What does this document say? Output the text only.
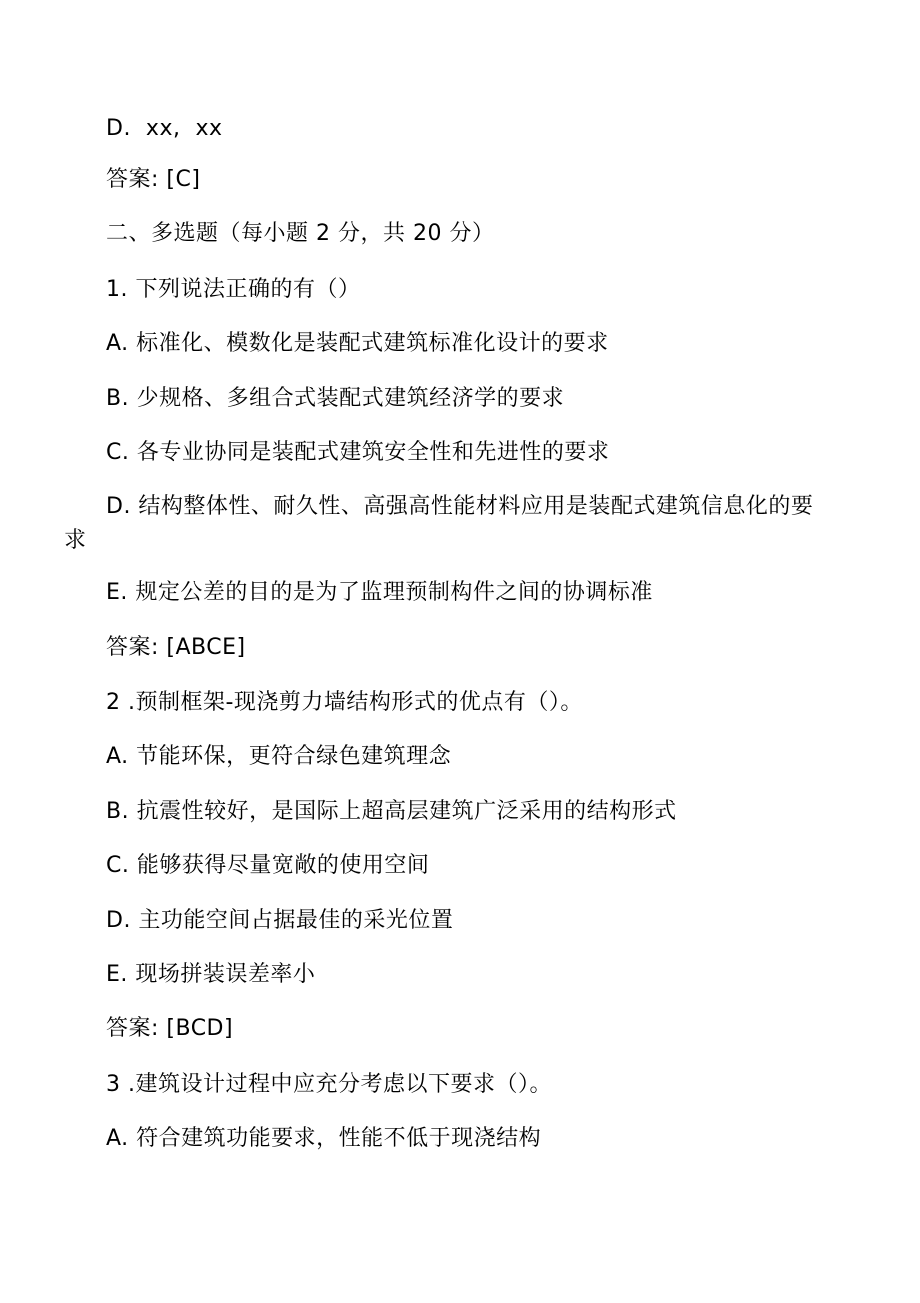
D.  xx,  xx
答案: [C]
二、多选题（每小题 2 分，共 20 分）
1. 下列说法正确的有（）
A. 标准化、模数化是装配式建筑标准化设计的要求
B. 少规格、多组合式装配式建筑经济学的要求
C. 各专业协同是装配式建筑安全性和先进性的要求
D. 结构整体性、耐久性、高强高性能材料应用是装配式建筑信息化的要求
E. 规定公差的目的是为了监理预制构件之间的协调标准
答案: [ABCE]
2 .预制框架-现浇剪力墙结构形式的优点有（）。
A. 节能环保，更符合绿色建筑理念
B. 抗震性较好，是国际上超高层建筑广泛采用的结构形式
C. 能够获得尽量宽敞的使用空间
D. 主功能空间占据最佳的采光位置
E. 现场拼装误差率小
答案: [BCD]
3 .建筑设计过程中应充分考虑以下要求（）。
A. 符合建筑功能要求，性能不低于现浇结构
